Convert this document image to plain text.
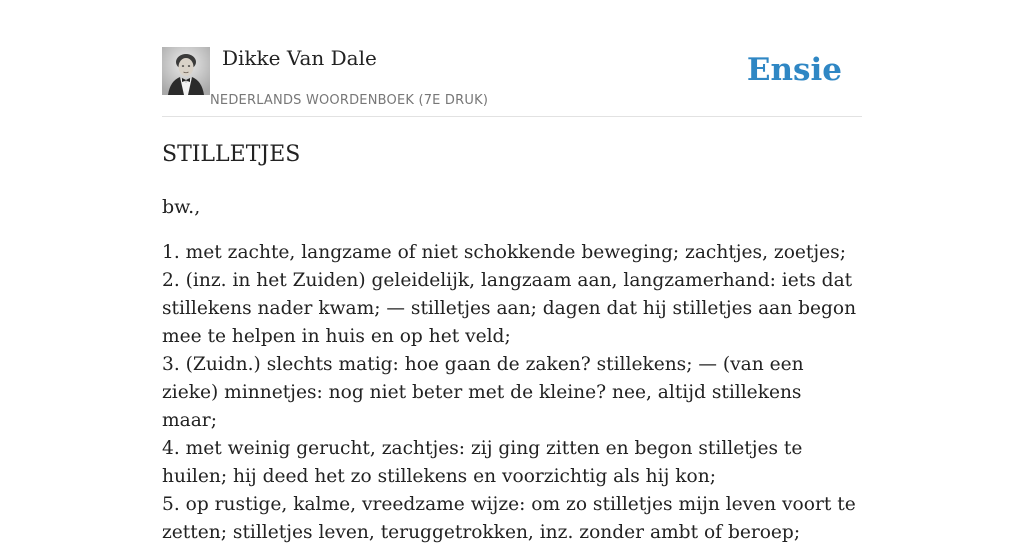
Dikke Van Dale
NEDERLANDS WOORDENBOEK (7E DRUK)
Ensie
STILLETJES
bw.,
1. met zachte, langzame of niet schokkende beweging; zachtjes, zoetjes;
2. (inz. in het Zuiden) geleidelijk, langzaam aan, langzamerhand: iets dat stillekens nader kwam; — stilletjes aan; dagen dat hij stilletjes aan begon mee te helpen in huis en op het veld;
3. (Zuidn.) slechts matig: hoe gaan de zaken? stillekens; — (van een zieke) minnetjes: nog niet beter met de kleine? nee, altijd stillekens maar;
4. met weinig gerucht, zachtjes: zij ging zitten en begon stilletjes te huilen; hij deed het zo stillekens en voorzichtig als hij kon;
5. op rustige, kalme, vreedzame wijze: om zo stilletjes mijn leven voort te zetten; stilletjes leven, teruggetrokken, inz. zonder ambt of beroep;
